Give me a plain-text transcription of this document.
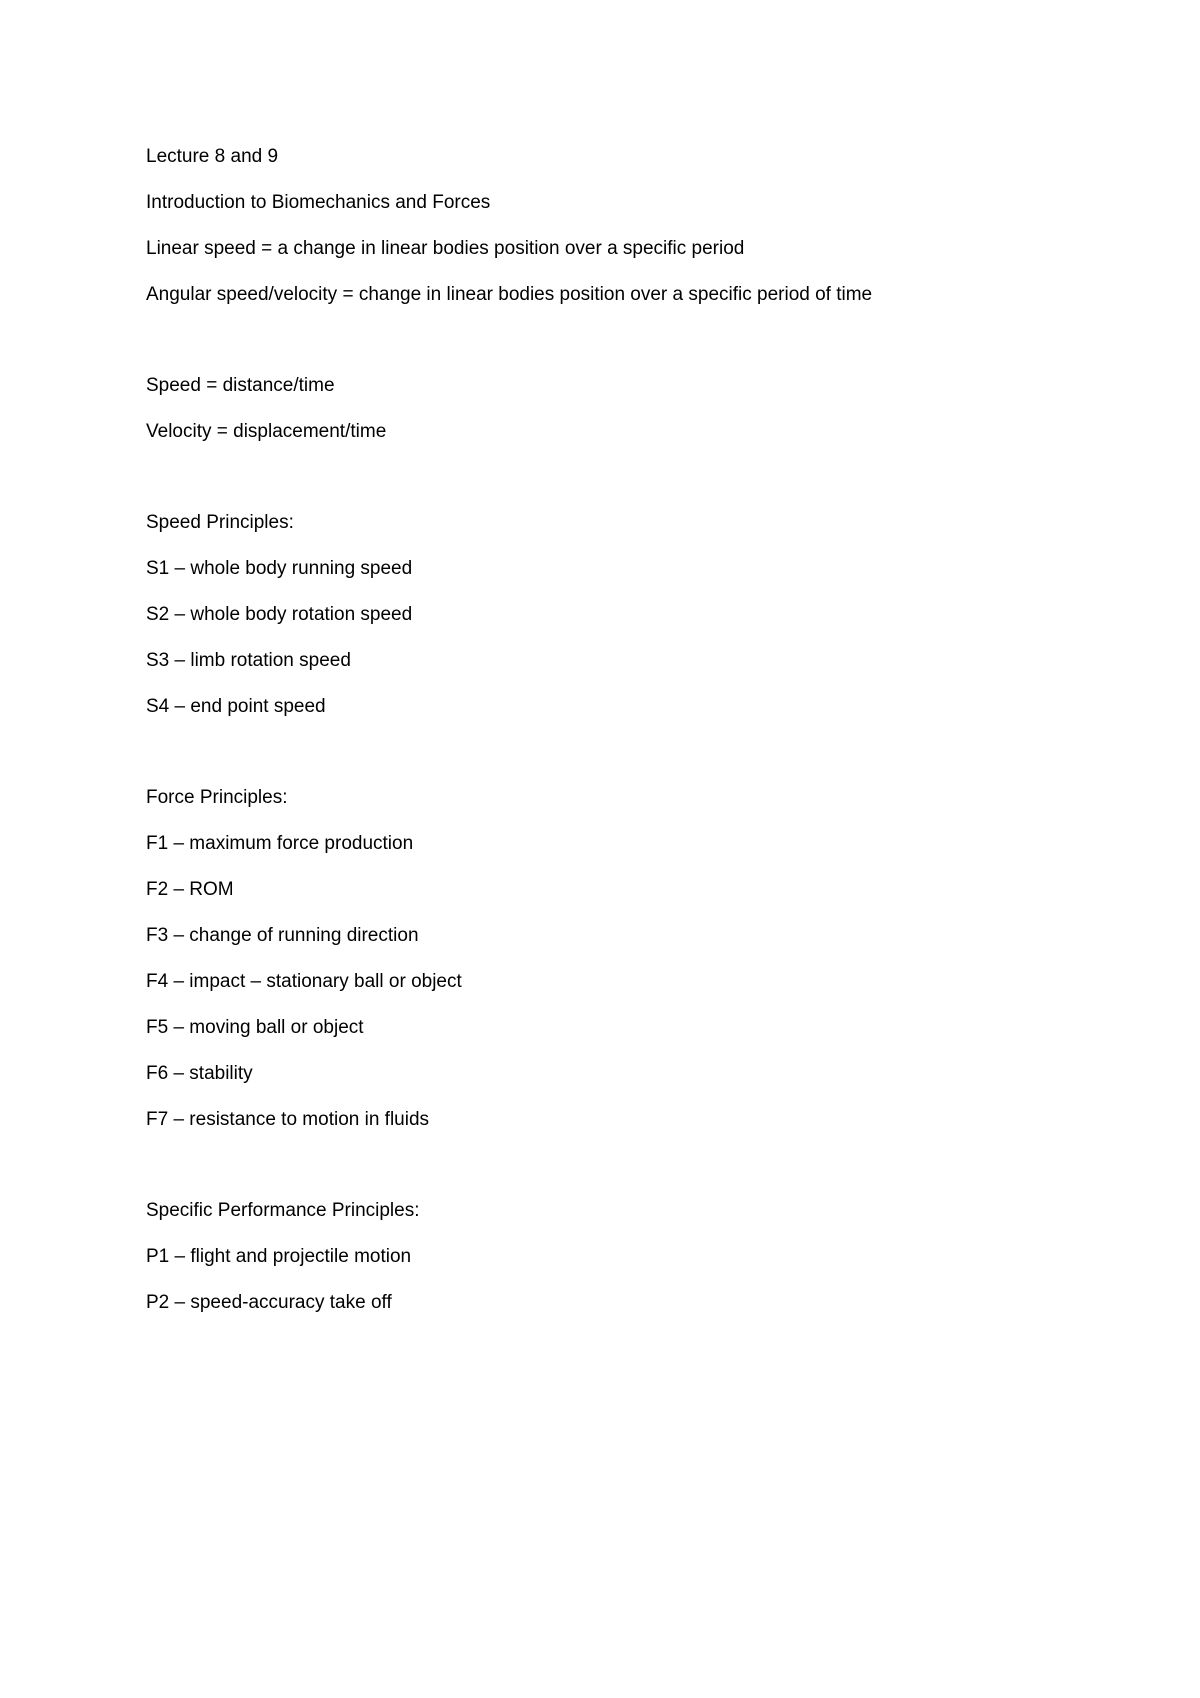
Lecture 8 and 9
Introduction to Biomechanics and Forces
Linear speed = a change in linear bodies position over a specific period
Angular speed/velocity = change in linear bodies position over a specific period of time
Speed = distance/time
Velocity = displacement/time
Speed Principles:
S1 – whole body running speed
S2 – whole body rotation speed
S3 – limb rotation speed
S4 – end point speed
Force Principles:
F1 – maximum force production
F2 – ROM
F3 – change of running direction
F4 – impact – stationary ball or object
F5 – moving ball or object
F6 – stability
F7 – resistance to motion in fluids
Specific Performance Principles:
P1 – flight and projectile motion
P2 – speed-accuracy take off
